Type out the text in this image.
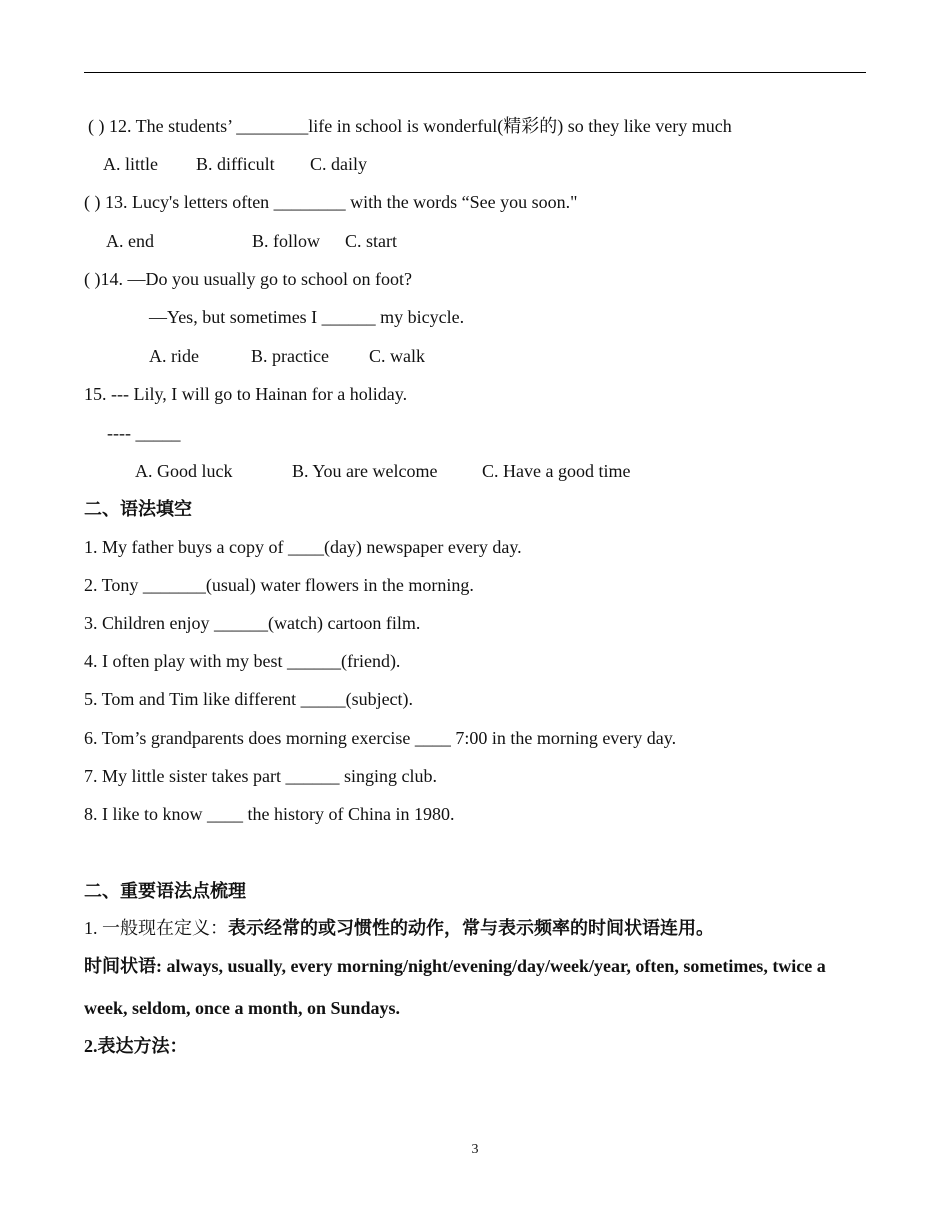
( ) 12. The students’ ________life in school is wonderful(精彩的) so they like very much
A. little B. difficult C. daily
( ) 13. Lucy's letters often ________ with the words “See you soon."
A. end	B. follow C. start
( )14. —Do you usually go to school on foot?
—Yes, but sometimes I ______ my bicycle.
A. ride	B. practice C. walk
15. --- Lily, I will go to Hainan for a holiday.
---- _____
A. Good luck	B. You are welcome C. Have a good time
二、语法填空
1. My father buys a copy of ____(day) newspaper every day.
2. Tony _______(usual) water flowers in the morning.
3. Children enjoy ______(watch) cartoon film.
4. I often play with my best ______(friend).
5. Tom and Tim like different _____(subject).
6. Tom’s grandparents does morning exercise ____ 7:00 in the morning every day.
7. My little sister takes part ______ singing club.
8. I like to know ____ the history of China in 1980.
二、重要语法点梳理
1. 一般现在定义：表示经常的或习惯性的动作，常与表示频率的时间状语连用。
时间状语: always, usually, every morning/night/evening/day/week/year, often, sometimes, twice a
week, seldom, once a month, on Sundays.
2.表达方法：
3
